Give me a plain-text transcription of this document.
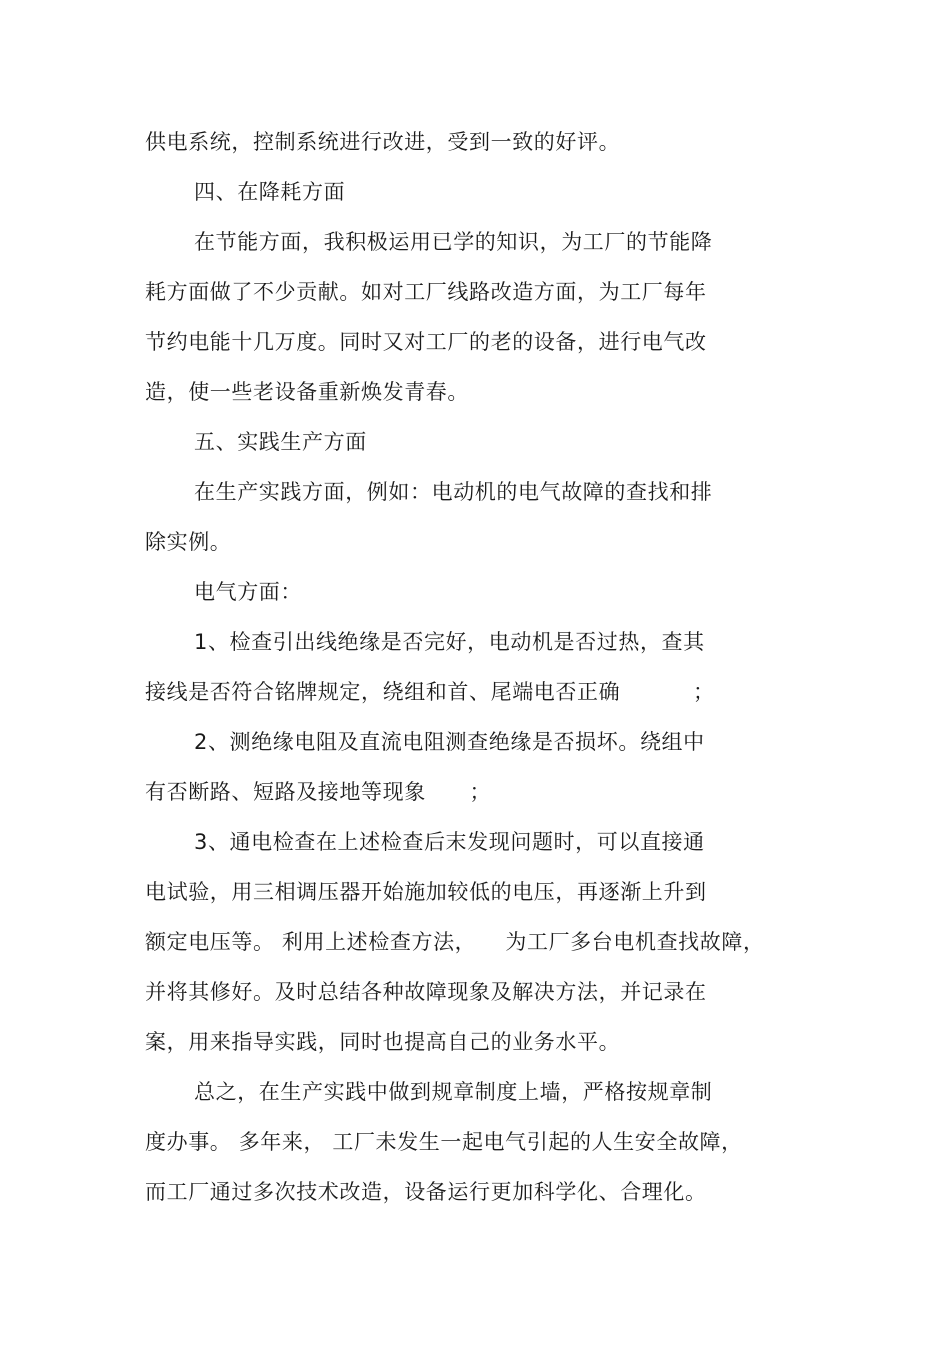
供电系统，控制系统进行改进，受到一致的好评。
四、在降耗方面
在节能方面，我积极运用已学的知识，为工厂的节能降
耗方面做了不少贡献。如对工厂线路改造方面，为工厂每年
节约电能十几万度。同时又对工厂的老的设备，进行电气改
造，使一些老设备重新焕发青春。
五、实践生产方面
在生产实践方面，例如：电动机的电气故障的查找和排
除实例。
电气方面：
1、检查引出线绝缘是否完好，电动机是否过热，查其
接线是否符合铭牌规定，绕组和首、尾端电否正确          ；
2、测绝缘电阻及直流电阻测查绝缘是否损坏。绕组中
有否断路、短路及接地等现象      ；
3、通电检查在上述检查后末发现问题时，可以直接通
电试验，用三相调压器开始施加较低的电压，再逐渐上升到
额定电压等。 利用上述检查方法，    为工厂多台电机查找故障，
并将其修好。及时总结各种故障现象及解决方法，并记录在
案，用来指导实践，同时也提高自己的业务水平。
总之，在生产实践中做到规章制度上墙，严格按规章制
度办事。 多年来， 工厂未发生一起电气引起的人生安全故障，
而工厂通过多次技术改造，设备运行更加科学化、合理化。
